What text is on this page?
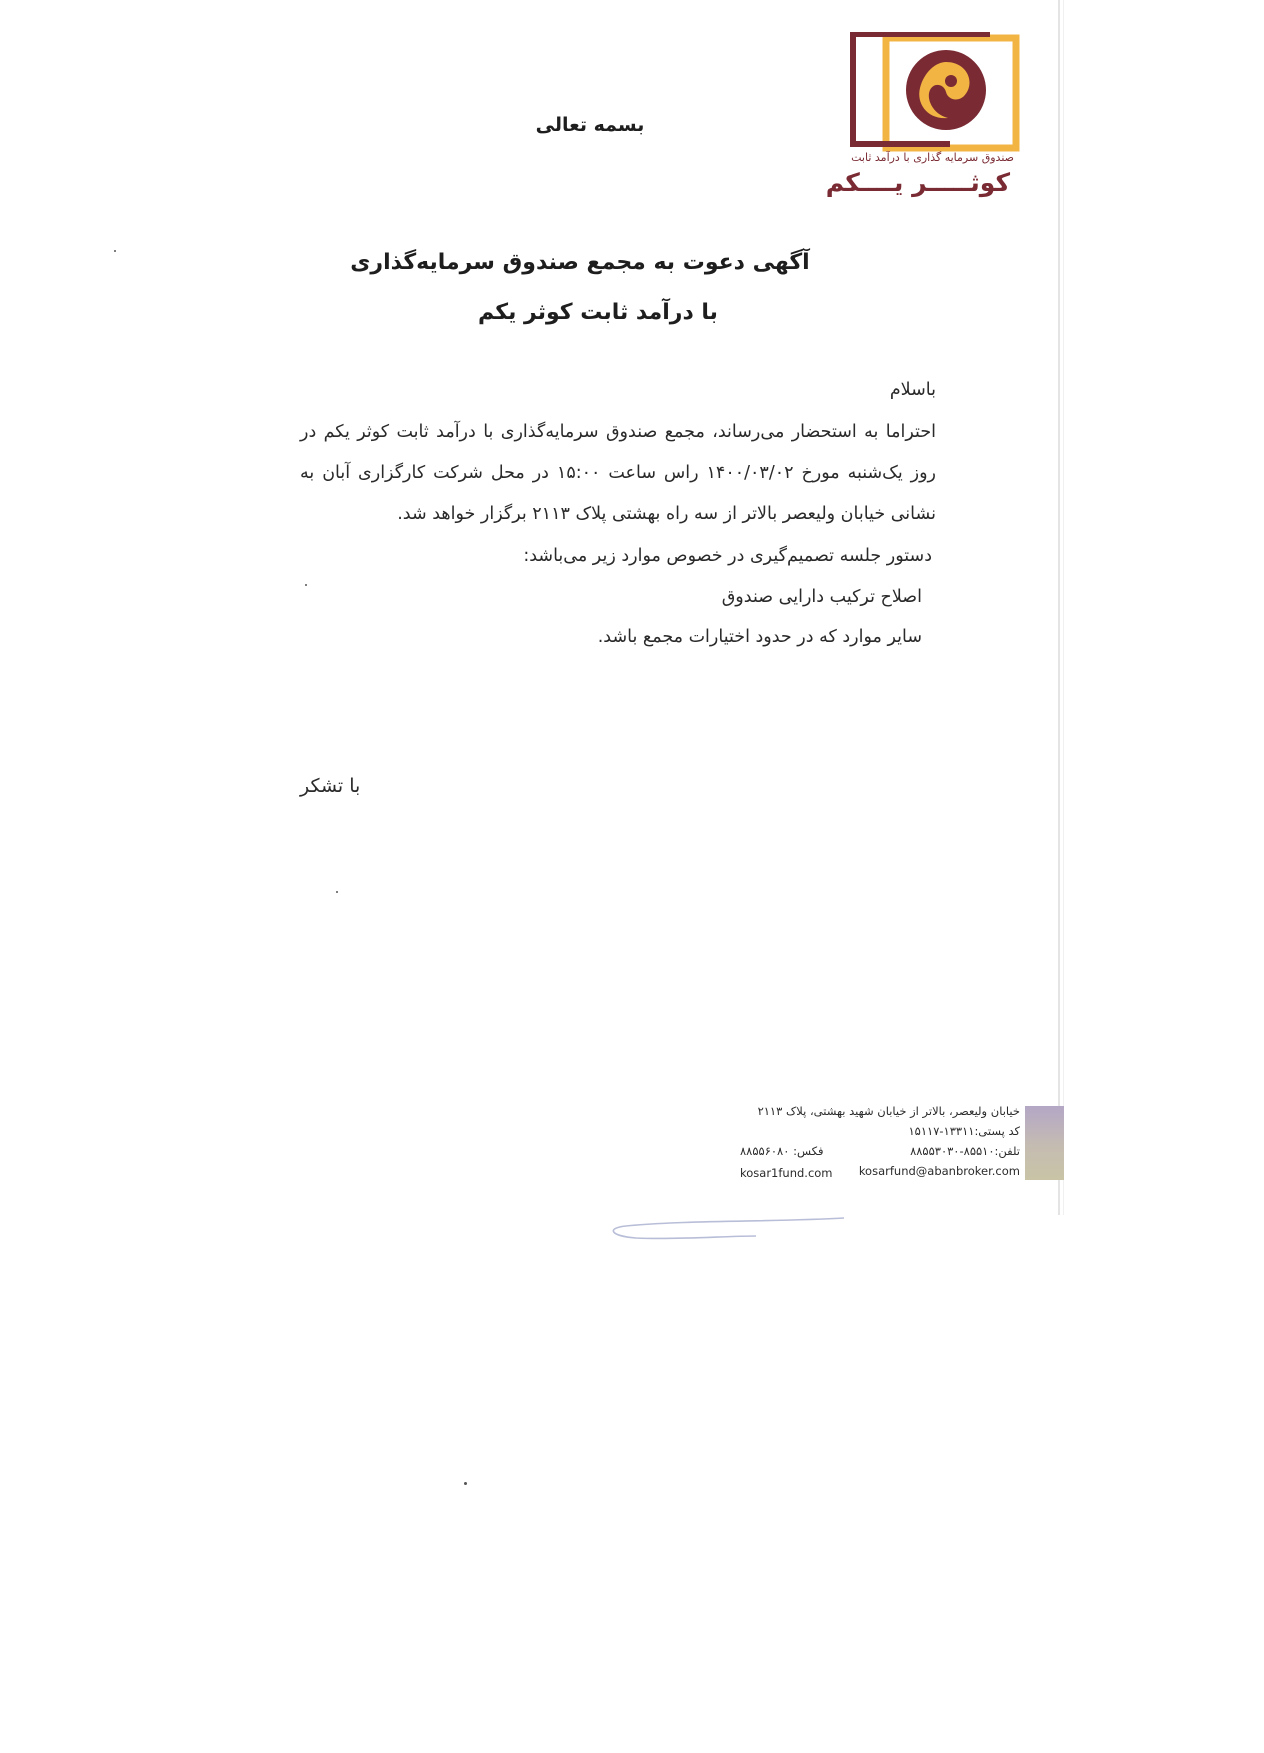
صندوق سرمایه گذاری با درآمد ثابت
کوثـــــر یــــکم
بسمه تعالی
آگهی دعوت به مجمع صندوق سرمایه‌گذاری
با درآمد ثابت کوثر یکم

باسلام

احتراما به استحضار می‌رساند، مجمع صندوق سرمایه‌گذاری با درآمد ثابت کوثر یکم در روز یک‌شنبه مورخ ۱۴۰۰/۰۳/۰۲ راس ساعت ۱۵:۰۰ در محل شرکت کارگزاری آبان به نشانی خیابان ولیعصر بالاتر از سه راه بهشتی پلاک ۲۱۱۳ برگزار خواهد شد.

دستور جلسه تصمیم‌گیری در خصوص موارد زیر می‌باشد:

اصلاح ترکیب دارایی صندوق
سایر موارد که در حدود اختیارات مجمع باشد.
با تشکر
خیابان ولیعصر، بالاتر از خیابان شهید بهشتی، پلاک ۲۱۱۳
کد پستی:۱۳۳۱۱-۱۵۱۱۷
تلفن:۸۵۵۱۰-۸۸۵۵۳۰۳۰
فکس: ۸۸۵۵۶۰۸۰
kosarfund@abanbroker.com
kosar1fund.com
